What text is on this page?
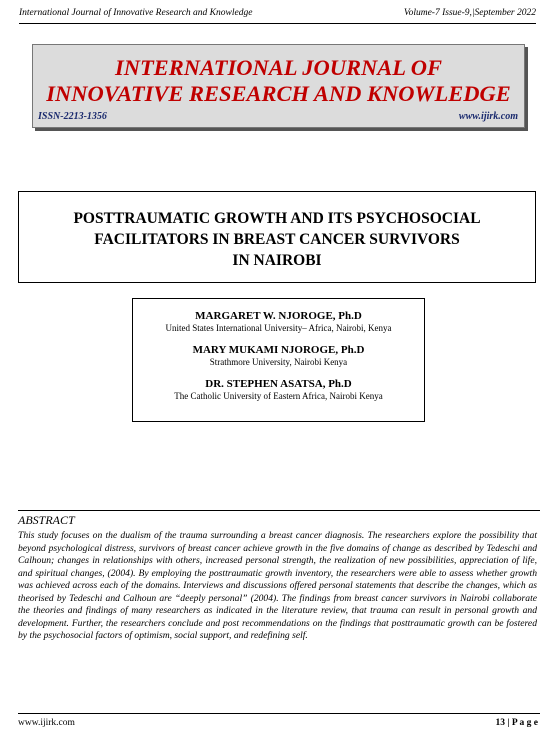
International Journal of Innovative Research and Knowledge	Volume-7 Issue-9,|September 2022
INTERNATIONAL JOURNAL OF
INNOVATIVE RESEARCH AND KNOWLEDGE
ISSN-2213-1356	www.ijirk.com
POSTTRAUMATIC GROWTH AND ITS PSYCHOSOCIAL
FACILITATORS IN BREAST CANCER SURVIVORS
IN NAIROBI
MARGARET W. NJOROGE, Ph.D
United States International University– Africa, Nairobi, Kenya
MARY MUKAMI NJOROGE, Ph.D
Strathmore University, Nairobi Kenya
DR. STEPHEN ASATSA, Ph.D
The Catholic University of Eastern Africa, Nairobi Kenya
ABSTRACT
This study focuses on the dualism of the trauma surrounding a breast cancer diagnosis. The researchers explore the possibility that beyond psychological distress, survivors of breast cancer achieve growth in the five domains of change as described by Tedeschi and Calhoun; changes in relationships with others, increased personal strength, the realization of new possibilities, appreciation of life, and spiritual changes, (2004). By employing the posttraumatic growth inventory, the researchers were able to assess whether growth was achieved across each of the domains. Interviews and discussions offered personal statements that describe the changes, which as theorised by Tedeschi and Calhoun are “deeply personal” (2004). The findings from breast cancer survivors in Nairobi collaborate the theories and findings of many researchers as indicated in the literature review, that trauma can result in personal growth and development. Further, the researchers conclude and post recommendations on the findings that posttraumatic growth can be fostered by the psychosocial factors of optimism, social support, and redefining self.
www.ijirk.com	13 | P a g e
